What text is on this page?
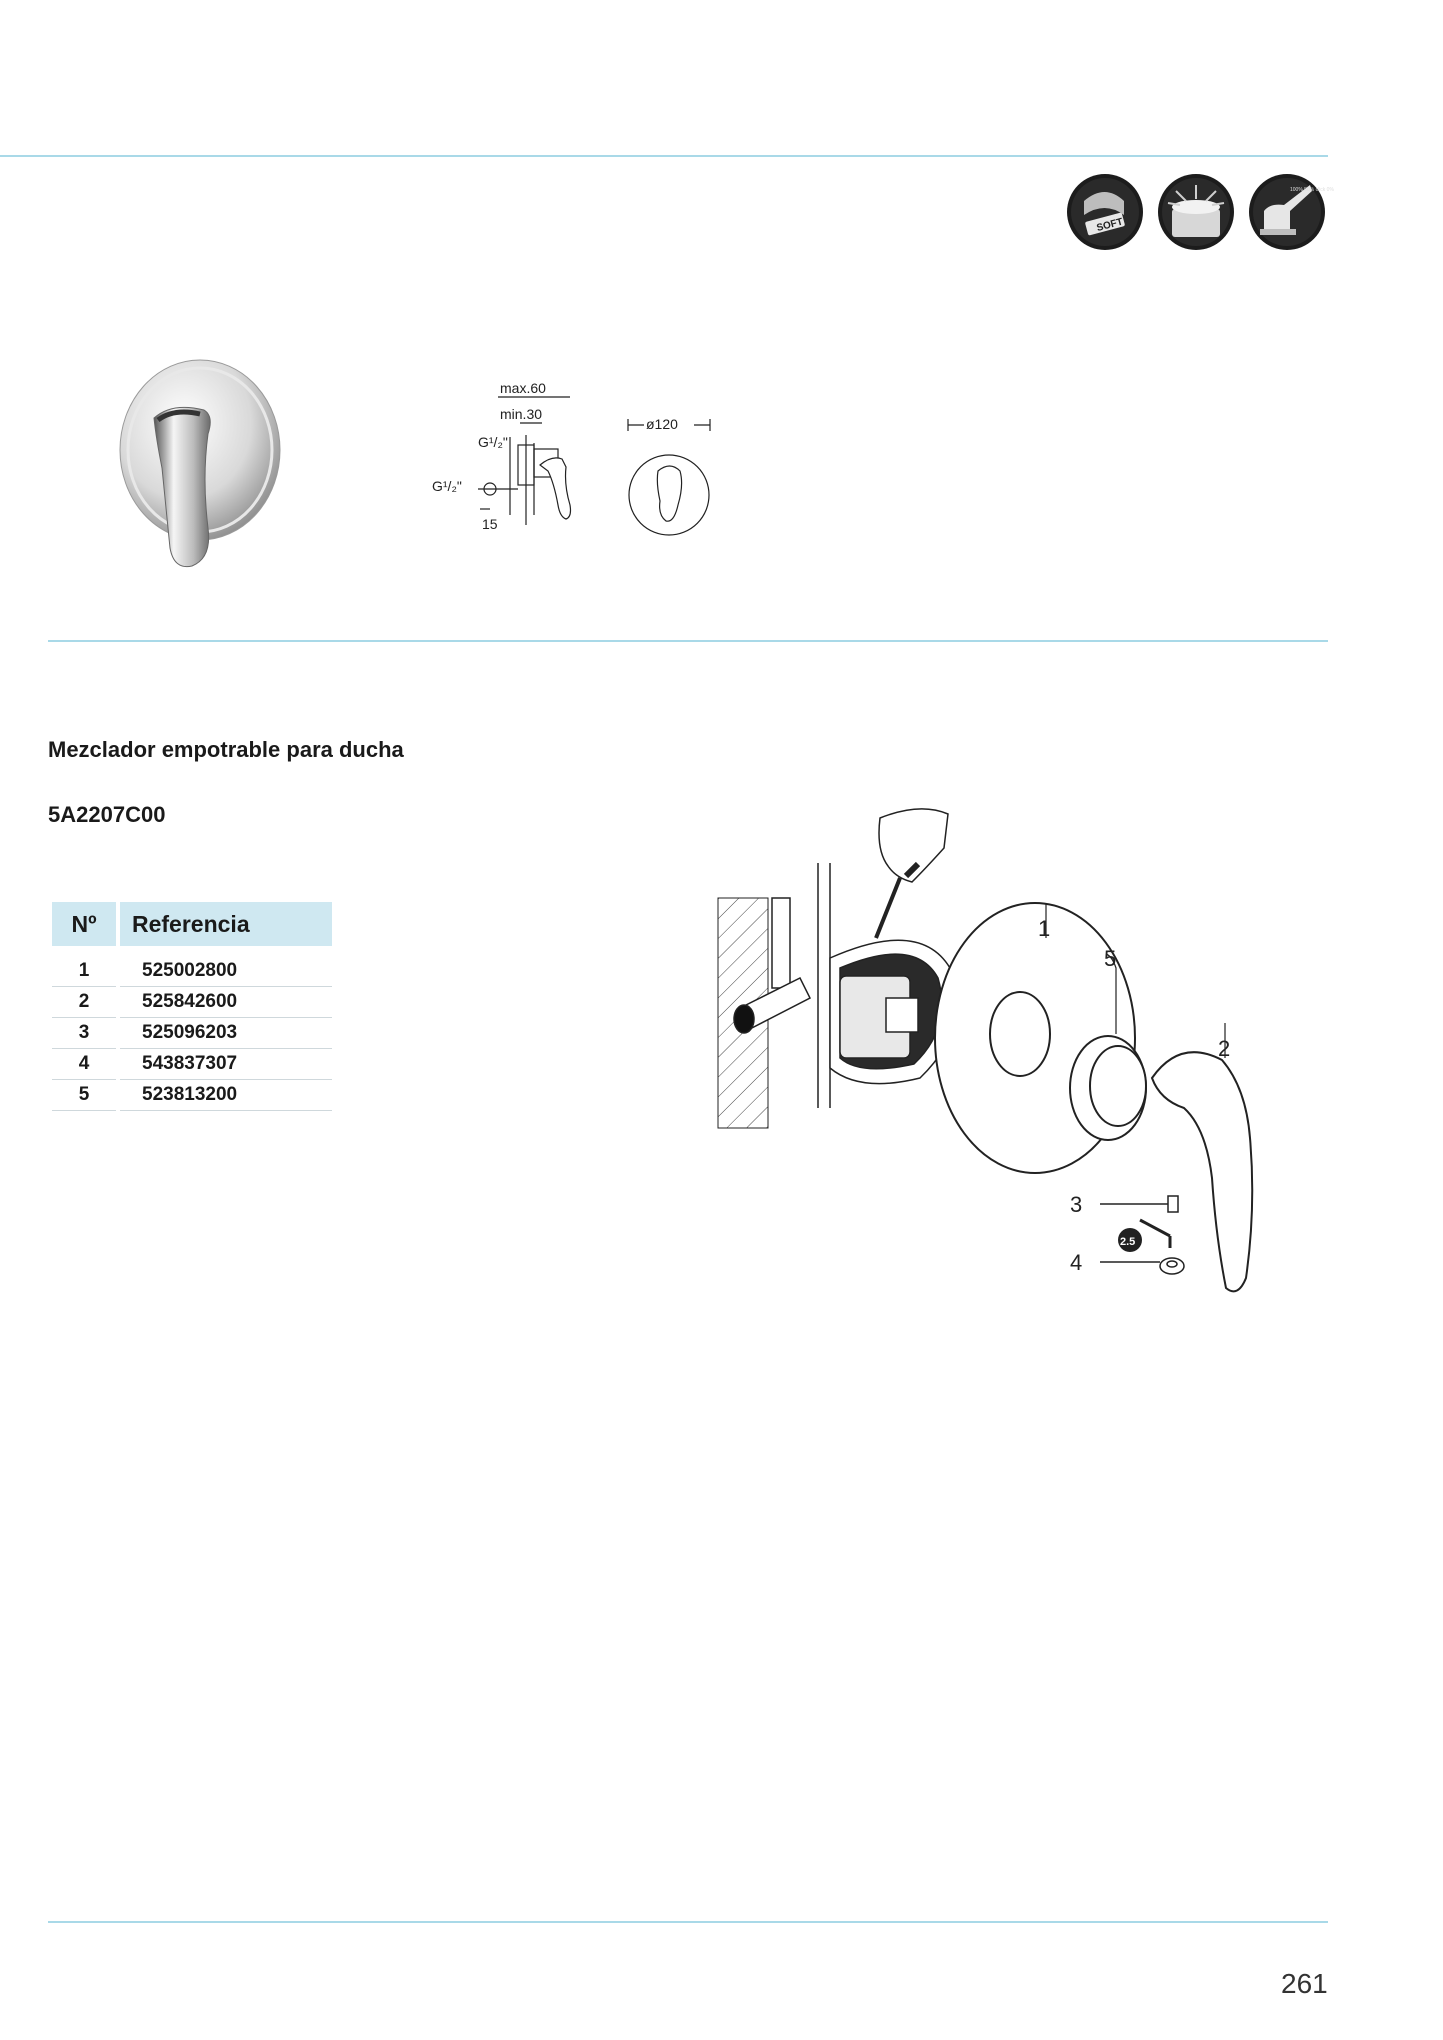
SOFT
100% 50% click 0%
max.60
min.30
G¹/₂"
G¹/₂"
15
ø120
Mezclador empotrable para ducha
5A2207C00
Nº	Referencia
1	525002800
2	525842600
3	525096203
4	543837307
5	523813200
2.5
1
5
2
3
4
261
